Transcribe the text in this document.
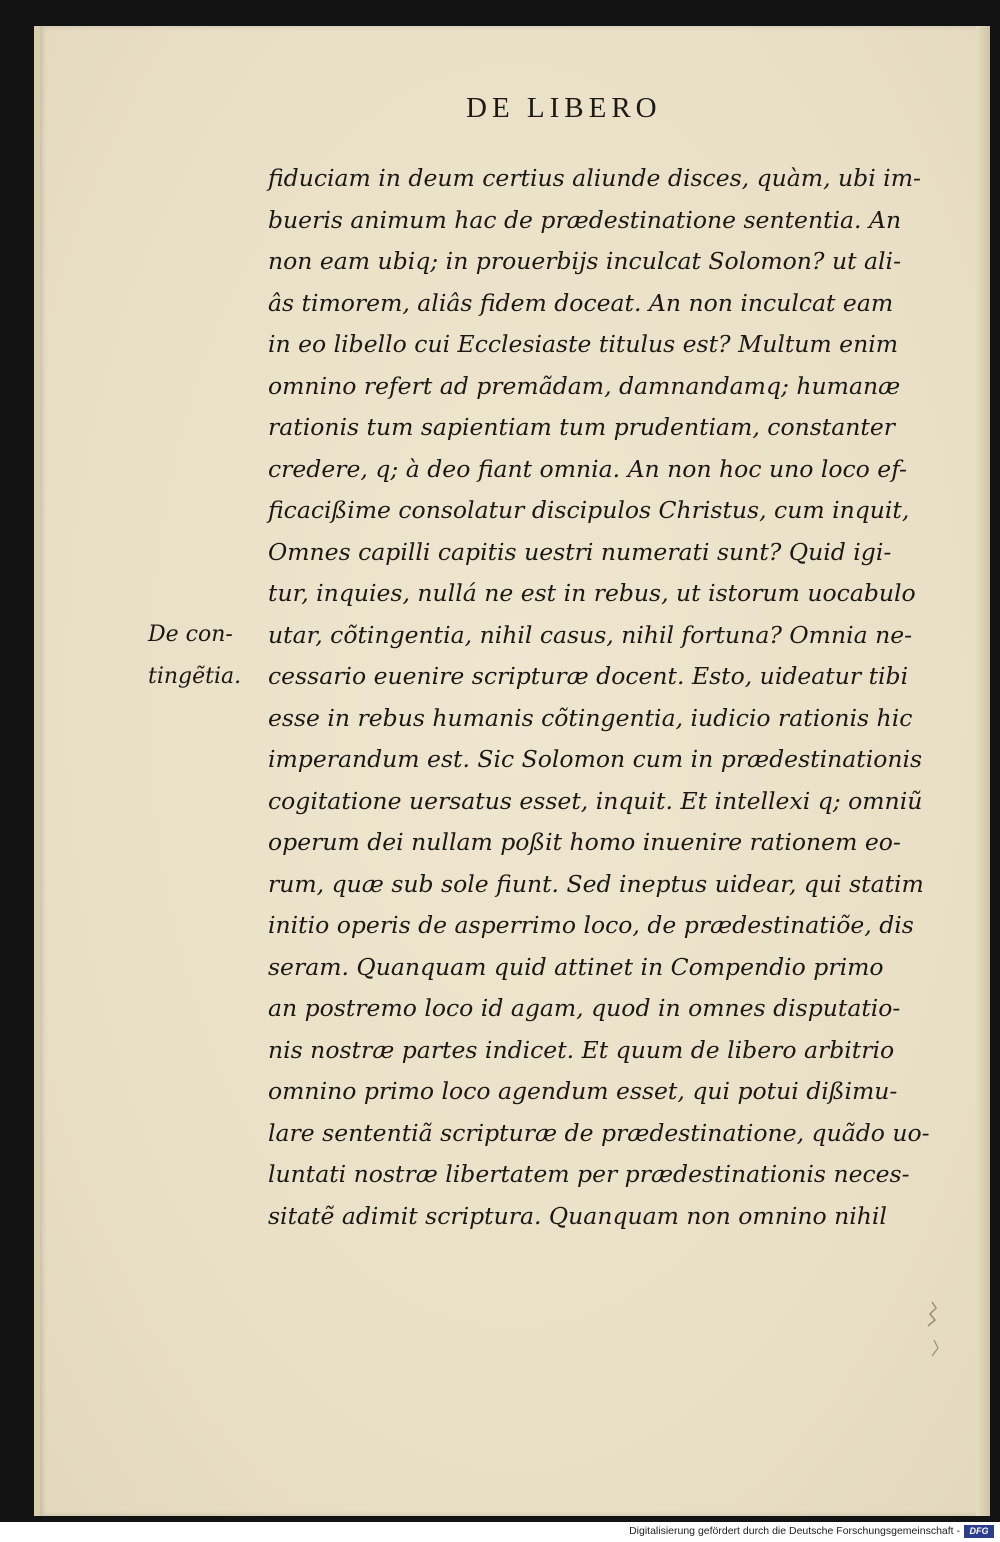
DE LIBERO
De con-
tingẽtia.
fiduciam in deum certius aliunde disces, quàm, ubi im-
bueris animum hac de prædestinatione sententia. An
non eam ubiq; in prouerbijs inculcat Solomon? ut ali-
âs timorem, aliâs fidem doceat. An non inculcat eam
in eo libello cui Ecclesiaste titulus est? Multum enim
omnino refert ad premãdam, damnandamq; humanæ
rationis tum sapientiam tum prudentiam, constanter
credere, q; à deo fiant omnia. An non hoc uno loco ef-
ficacißime consolatur discipulos Christus, cum inquit,
Omnes capilli capitis uestri numerati sunt? Quid igi-
tur, inquies, nullá ne est in rebus, ut istorum uocabulo
utar, cõtingentia, nihil casus, nihil fortuna? Omnia ne-
cessario euenire scripturæ docent. Esto, uideatur tibi
esse in rebus humanis cõtingentia, iudicio rationis hic
imperandum est. Sic Solomon cum in prædestinationis
cogitatione uersatus esset, inquit. Et intellexi q; omniũ
operum dei nullam poßit homo inuenire rationem eo-
rum, quæ sub sole fiunt. Sed ineptus uidear, qui statim
initio operis de asperrimo loco, de prædestinatiõe, dis
seram. Quanquam quid attinet in Compendio primo
an postremo loco id agam, quod in omnes disputatio-
nis nostræ partes indicet. Et quum de libero arbitrio
omnino primo loco agendum esset, qui potui dißimu-
lare sententiã scripturæ de prædestinatione, quãdo uo-
luntati nostræ libertatem per prædestinationis neces-
sitatẽ adimit scriptura. Quanquam non omnino nihil
Digitalisierung gefördert durch die Deutsche Forschungsgemeinschaft -	DFG
